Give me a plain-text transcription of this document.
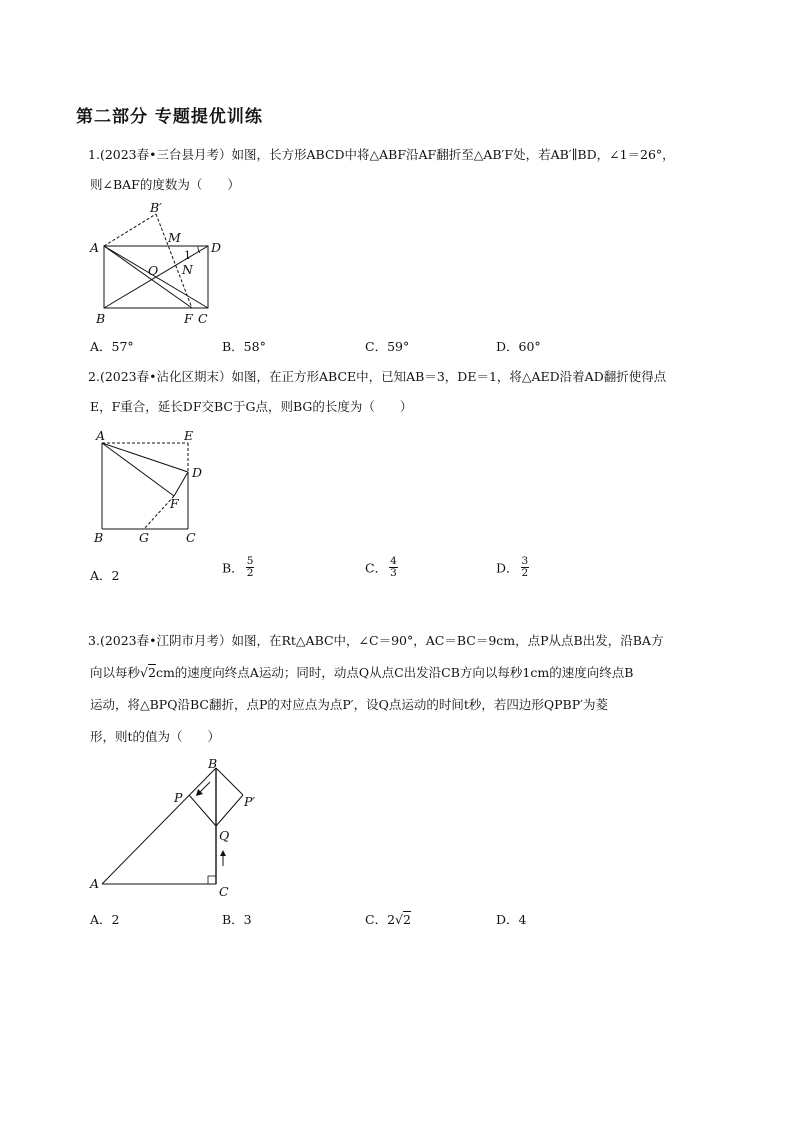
第二部分 专题提优训练
1.(2023春•三台县月考）如图，长方形ABCD中将△ABF沿AF翻折至△AB′F处，若AB′∥BD，∠1＝26°，
则∠BAF的度数为（　　）
B′
A
M
D
1
O N
B	F C
A．57°	B．58°	C．59°	D．60°
2.(2023春•沾化区期末）如图，在正方形ABCE中，已知AB＝3，DE＝1，将△AED沿着AD翻折使得点
E，F重合，延长DF交BC于G点，则BG的长度为（　　）
A	E
D
F
B	G	C
A．2	B． $\frac{5}{2}$	C． $\frac{4}{3}$	D． $\frac{3}{2}$
3.(2023春•江阴市月考）如图，在Rt△ABC中，∠C＝90°，AC＝BC＝9cm，点P从点B出发，沿BA方
向以每秒√2cm的速度向终点A运动；同时，动点Q从点C出发沿CB方向以每秒1cm的速度向终点B
运动，将△BPQ沿BC翻折，点P的对应点为点P′，设Q点运动的时间t秒，若四边形QPBP′为菱
形，则t的值为（　　）
B
P	P′
Q
A
C
A．2	B．3	C．2√2	D．4
